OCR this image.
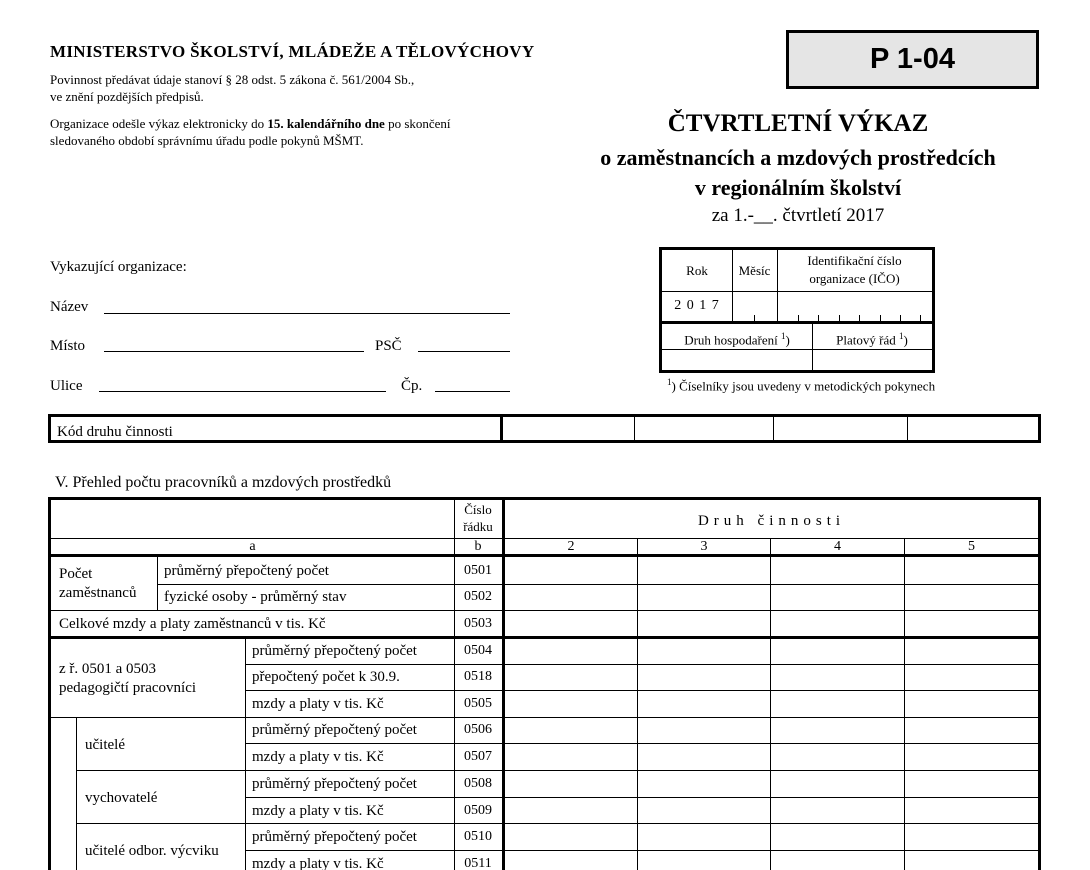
MINISTERSTVO ŠKOLSTVÍ, MLÁDEŽE A TĚLOVÝCHOVY
Povinnost předávat údaje stanoví § 28 odst. 5 zákona č. 561/2004 Sb.,
ve znění pozdějších předpisů.
Organizace odešle výkaz elektronicky do 15. kalendářního dne po skončení
sledovaného období správnímu úřadu podle pokynů MŠMT.
P 1-04
ČTVRTLETNÍ VÝKAZ
o zaměstnancích a mzdových prostředcích
v regionálním školství
za 1.-__. čtvrtletí 2017
Vykazující organizace:
Název
Místo	PSČ
Ulice	Čp.
Rok	Měsíc
Identifikační číslo
organizace (IČO)
2 0 1 7
Druh hospodaření $^1$)	Platový řád $^1$)
$^1$) Číselníky jsou uvedeny v metodických pokynech
Kód druhu činnosti
V. Přehled počtu pracovníků a mzdových prostředků
Číslo
řádku	Druh činnosti
a	b	2	3	4	5
Počet
zaměstnanců
průměrný přepočtený počet	0501
fyzické osoby - průměrný stav	0502
Celkové mzdy a platy zaměstnanců v tis. Kč	0503
z ř. 0501 a 0503
pedagogičtí pracovníci
průměrný přepočtený počet	0504
přepočtený počet k 30.9.	0518
mzdy a platy v tis. Kč	0505
učitelé
průměrný přepočtený počet	0506
mzdy a platy v tis. Kč	0507
vychovatelé
průměrný přepočtený počet	0508
mzdy a platy v tis. Kč	0509
učitelé odbor. výcviku
průměrný přepočtený počet	0510
mzdy a platy v tis. Kč	0511
